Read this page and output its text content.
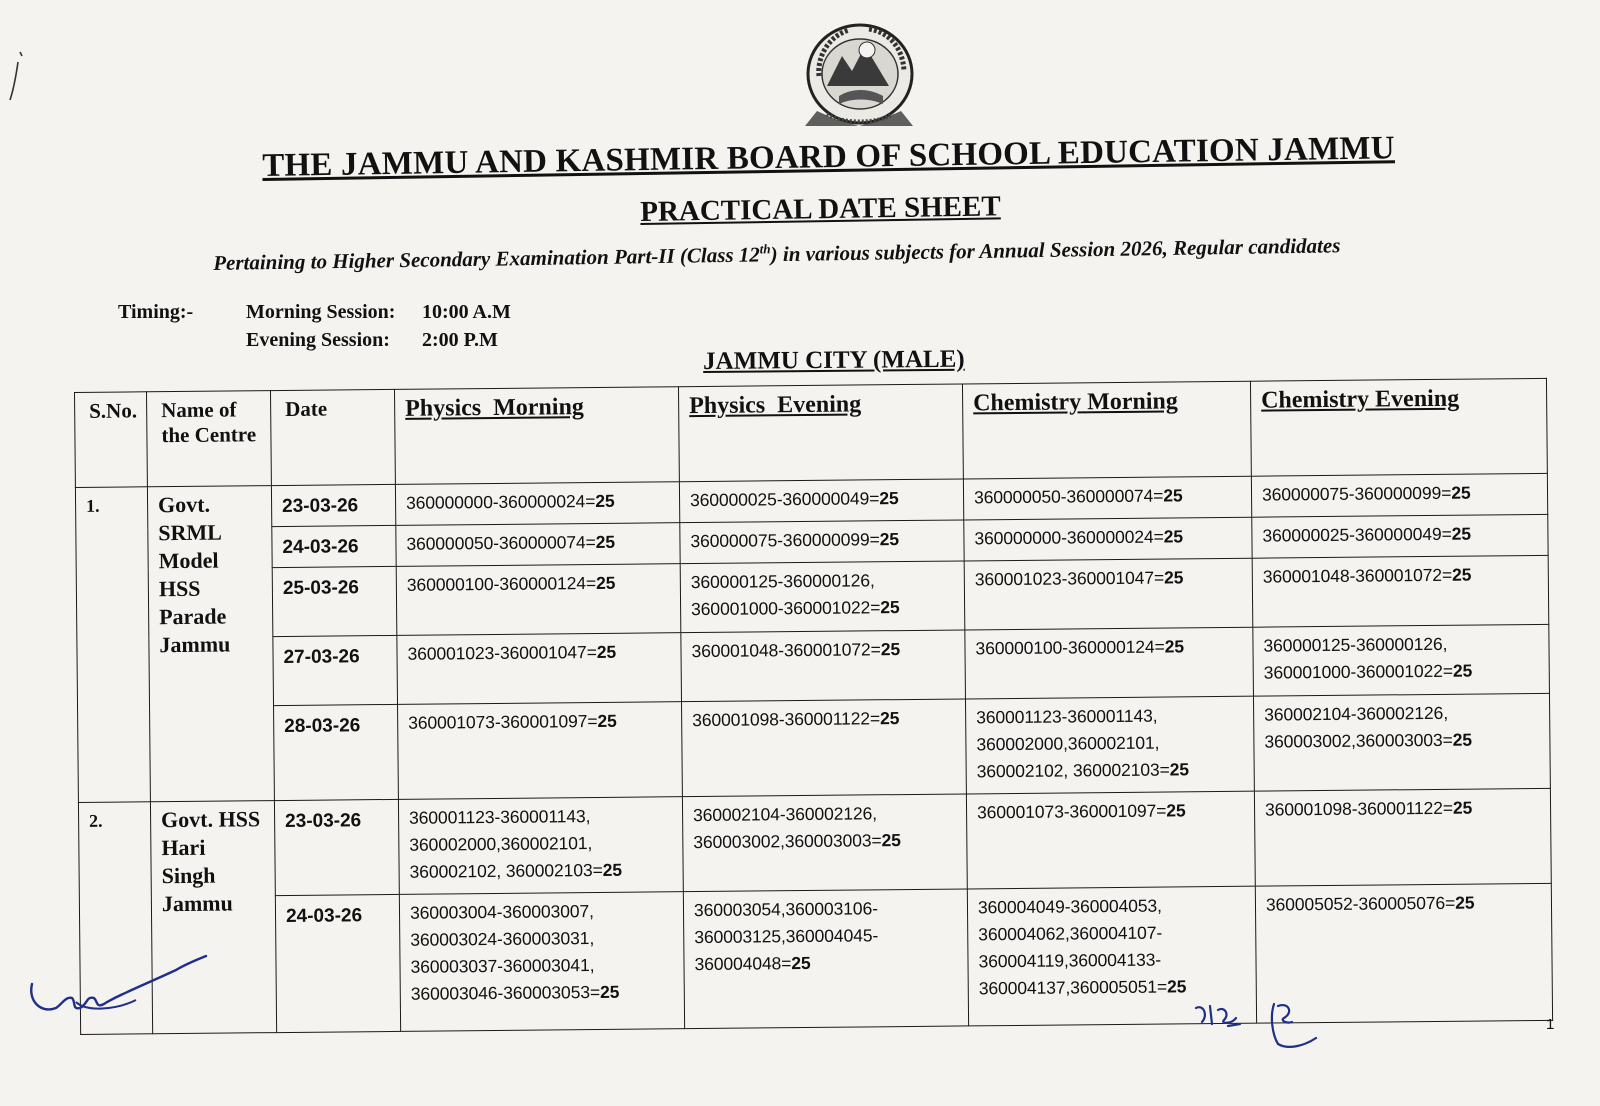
THE JAMMU AND KASHMIR BOARD OF SCHOOL EDUCATION JAMMU
PRACTICAL DATE SHEET
Pertaining to Higher Secondary Examination Part-II (Class 12th) in various subjects for Annual Session 2026, Regular candidates
Timing:-	Morning Session:	10:00 A.M
Evening Session:	2:00 P.M
JAMMU CITY (MALE)
S.No.	Name of the Centre	Date	Physics  Morning	Physics  Evening	Chemistry Morning	Chemistry Evening
1.	Govt. SRML Model HSS Parade Jammu	23-03-26	360000000-360000024=25	360000025-360000049=25	360000050-360000074=25	360000075-360000099=25
		24-03-26	360000050-360000074=25	360000075-360000099=25	360000000-360000024=25	360000025-360000049=25
		25-03-26	360000100-360000124=25	360000125-360000126, 360001000-360001022=25	360001023-360001047=25	360001048-360001072=25
		27-03-26	360001023-360001047=25	360001048-360001072=25	360000100-360000124=25	360000125-360000126, 360001000-360001022=25
		28-03-26	360001073-360001097=25	360001098-360001122=25	360001123-360001143, 360002000,360002101, 360002102, 360002103=25	360002104-360002126, 360003002,360003003=25
2.	Govt. HSS Hari Singh Jammu	23-03-26	360001123-360001143, 360002000,360002101, 360002102, 360002103=25	360002104-360002126, 360003002,360003003=25	360001073-360001097=25	360001098-360001122=25
		24-03-26	360003004-360003007, 360003024-360003031, 360003037-360003041, 360003046-360003053=25	360003054,360003106-360003125,360004045-360004048=25	360004049-360004053, 360004062,360004107-360004119,360004133-360004137,360005051=25	360005052-360005076=25
1
